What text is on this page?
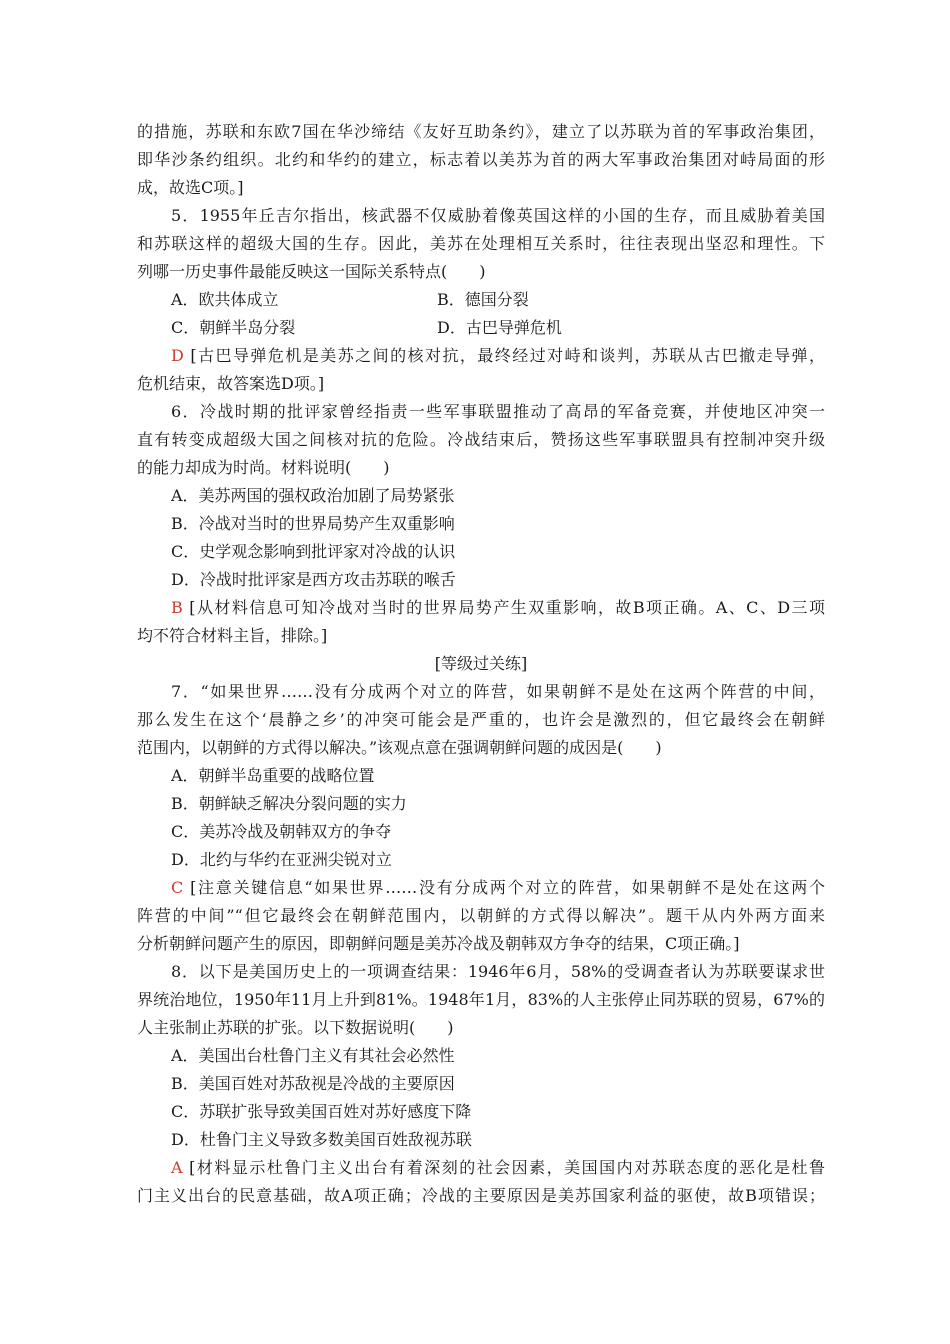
的措施，苏联和东欧7国在华沙缔结《友好互助条约》，建立了以苏联为首的军事政治集团，
即华沙条约组织。北约和华约的建立，标志着以美苏为首的两大军事政治集团对峙局面的形
成，故选C项。]
5．1955年丘吉尔指出，核武器不仅威胁着像英国这样的小国的生存，而且威胁着美国
和苏联这样的超级大国的生存。因此，美苏在处理相互关系时，往往表现出坚忍和理性。下
列哪一历史事件最能反映这一国际关系特点(　　)
A．欧共体成立	B．德国分裂
C．朝鲜半岛分裂	D．古巴导弹危机
D [古巴导弹危机是美苏之间的核对抗，最终经过对峙和谈判，苏联从古巴撤走导弹，
危机结束，故答案选D项。]
6．冷战时期的批评家曾经指责一些军事联盟推动了高昂的军备竞赛，并使地区冲突一
直有转变成超级大国之间核对抗的危险。冷战结束后，赞扬这些军事联盟具有控制冲突升级
的能力却成为时尚。材料说明(　　)
A．美苏两国的强权政治加剧了局势紧张
B．冷战对当时的世界局势产生双重影响
C．史学观念影响到批评家对冷战的认识
D．冷战时批评家是西方攻击苏联的喉舌
B [从材料信息可知冷战对当时的世界局势产生双重影响，故B项正确。A、C、D三项
均不符合材料主旨，排除。]
[等级过关练]
7．“如果世界……没有分成两个对立的阵营，如果朝鲜不是处在这两个阵营的中间，
那么发生在这个‘晨静之乡’的冲突可能会是严重的，也许会是激烈的，但它最终会在朝鲜
范围内，以朝鲜的方式得以解决。”该观点意在强调朝鲜问题的成因是(　　)
A．朝鲜半岛重要的战略位置
B．朝鲜缺乏解决分裂问题的实力
C．美苏冷战及朝韩双方的争夺
D．北约与华约在亚洲尖锐对立
C [注意关键信息“如果世界……没有分成两个对立的阵营，如果朝鲜不是处在这两个
阵营的中间”“但它最终会在朝鲜范围内，以朝鲜的方式得以解决”。题干从内外两方面来
分析朝鲜问题产生的原因，即朝鲜问题是美苏冷战及朝韩双方争夺的结果，C项正确。]
8．以下是美国历史上的一项调查结果：1946年6月，58%的受调查者认为苏联要谋求世
界统治地位，1950年11月上升到81%。1948年1月，83%的人主张停止同苏联的贸易，67%的
人主张制止苏联的扩张。以下数据说明(　　)
A．美国出台杜鲁门主义有其社会必然性
B．美国百姓对苏敌视是冷战的主要原因
C．苏联扩张导致美国百姓对苏好感度下降
D．杜鲁门主义导致多数美国百姓敌视苏联
A [材料显示杜鲁门主义出台有着深刻的社会因素，美国国内对苏联态度的恶化是杜鲁
门主义出台的民意基础，故A项正确；冷战的主要原因是美苏国家利益的驱使，故B项错误；
